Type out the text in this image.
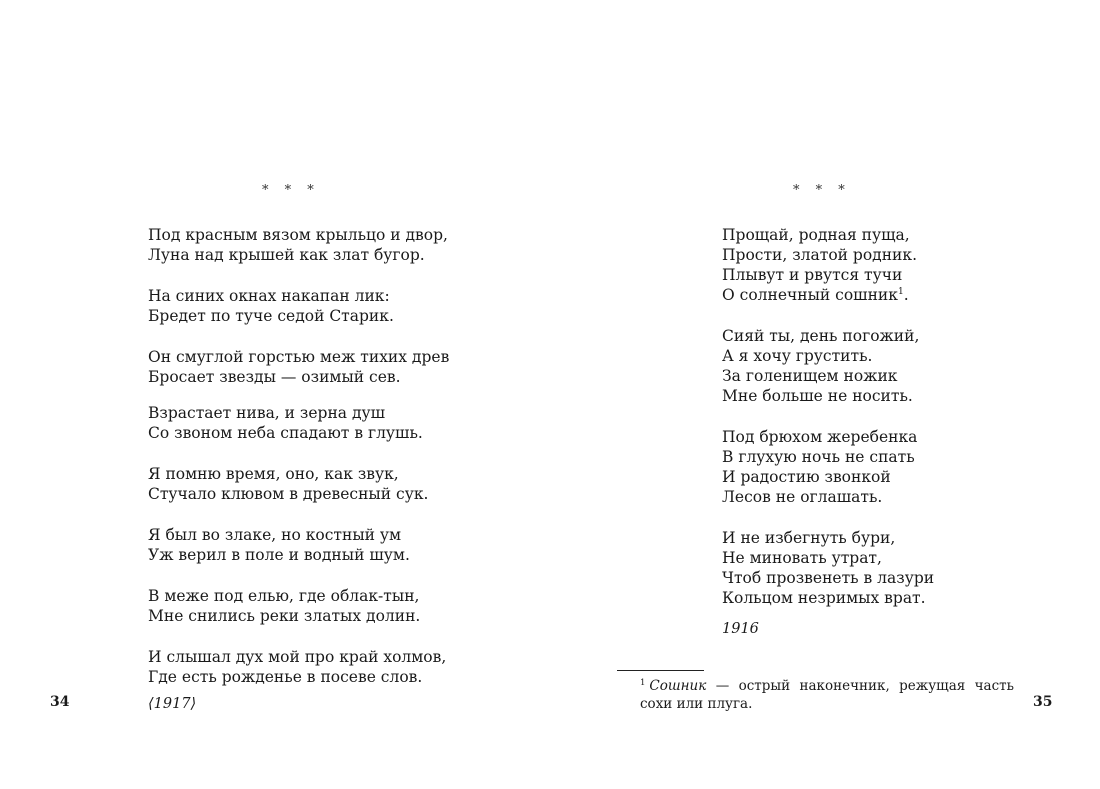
* * *
Под красным вязом крыльцо и двор,
Луна над крышей как злат бугор.
На синих окнах накапан лик:
Бредет по туче седой Старик.
Он смуглой горстью меж тихих древ
Бросает звезды — озимый сев.
Взрастает нива, и зерна душ
Со звоном неба спадают в глушь.
Я помню время, оно, как звук,
Стучало клювом в древесный сук.
Я был во злаке, но костный ум
Уж верил в поле и водный шум.
В меже под елью, где облак-тын,
Мне снились реки златых долин.
И слышал дух мой про край холмов,
Где есть рожденье в посеве слов.
⟨1917⟩
34
* * *
Прощай, родная пуща,
Прости, златой родник.
Плывут и рвутся тучи
О солнечный сошник$^1$.
Сияй ты, день погожий,
А я хочу грустить.
За голенищем ножик
Мне больше не носить.
Под брюхом жеребенка
В глухую ночь не спать
И радостию звонкой
Лесов не оглашать.
И не избегнуть бури,
Не миновать утрат,
Чтоб прозвенеть в лазури
Кольцом незримых врат.
1916
$^1$ Сошник — острый наконечник, режущая часть сохи или плуга.	35
